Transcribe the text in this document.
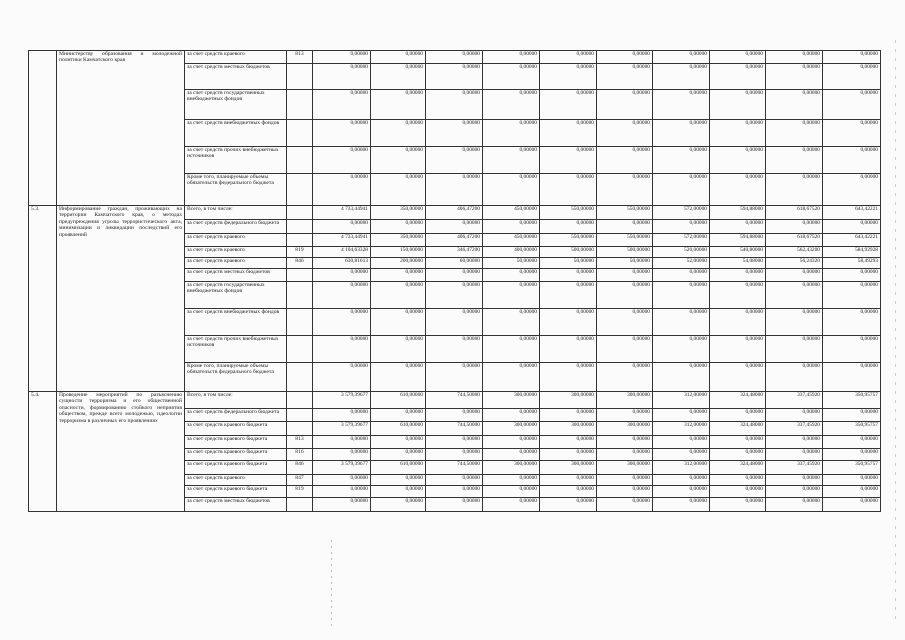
	Министерству образования и молодежной политики Камчатского края	за счет средств краевого	813	0,00000	0,00000	0,00000	0,00000	0,00000	0,00000	0,00000	0,00000	0,00000	0,00000
		за счет средств местных бюджетов		0,00000	0,00000	0,00000	0,00000	0,00000	0,00000	0,00000	0,00000	0,00000	0,00000
		за счет средств государственных внебюджетных фондов		0,00000	0,00000	0,00000	0,00000	0,00000	0,00000	0,00000	0,00000	0,00000	0,00000
		за счет средств внебюджетных фондов		0,00000	0,00000	0,00000	0,00000	0,00000	0,00000	0,00000	0,00000	0,00000	0,00000
		за счет средств прочих внебюджетных источников		0,00000	0,00000	0,00000	0,00000	0,00000	0,00000	0,00000	0,00000	0,00000	0,00000
		Кроме того, планируемые объемы обязательств федерального бюджета		0,00000	0,00000	0,00000	0,00000	0,00000	0,00000	0,00000	0,00000	0,00000	0,00000
5.3.	Информирование граждан, проживающих на территории Камчатского края, о методах предупреждения угрозы террористического акта, минимизации и ликвидации последствий его проявлений	Всего, в том числе:		4 733,44941	350,00000	406,47200	450,00000	550,00000	550,00000	572,00000	594,88000	618,67520	643,42221
		за счет средств федерального бюджета		0,00000	0,00000	0,00000	0,00000	0,00000	0,00000	0,00000	0,00000	0,00000	0,00000
		за счет средств краевого		4 733,44941	350,00000	406,47200	450,00000	550,00000	550,00000	572,00000	594,88000	618,67520	643,42221
		за счет средств краевого	819	4 104,63328	150,00000	346,47200	400,00000	500,00000	500,00000	520,00000	540,80000	562,43200	584,92928
		за счет средств краевого	846	630,81613	200,00000	60,00000	50,00000	50,00000	50,00000	52,00000	54,08000	56,24320	58,49293
		за счет средств местных бюджетов		0,00000	0,00000	0,00000	0,00000	0,00000	0,00000	0,00000	0,00000	0,00000	0,00000
		за счет средств государственных внебюджетных фондов		0,00000	0,00000	0,00000	0,00000	0,00000	0,00000	0,00000	0,00000	0,00000	0,00000
		за счет средств внебюджетных фондов		0,00000	0,00000	0,00000	0,00000	0,00000	0,00000	0,00000	0,00000	0,00000	0,00000
		за счет средств прочих внебюджетных источников		0,00000	0,00000	0,00000	0,00000	0,00000	0,00000	0,00000	0,00000	0,00000	0,00000
		Кроме того, планируемые объемы обязательств федерального бюджета		0,00000	0,00000	0,00000	0,00000	0,00000	0,00000	0,00000	0,00000	0,00000	0,00000
5.4.	Проведение мероприятий по разъяснению сущности терроризма и его общественной опасности, формированию стойкого неприятия обществом, прежде всего молодежью, идеологии терроризма в различных его проявлениях	Всего, в том числе:		3 579,39677	610,00000	744,50000	300,00000	300,00000	300,00000	312,00000	324,48000	337,45920	350,95757
		за счет средств федерального бюджета		0,00000	0,00000	0,00000	0,00000	0,00000	0,00000	0,00000	0,00000	0,00000	0,00000
		за счет средств краевого бюджета		3 579,39677	610,00000	744,50000	300,00000	300,00000	300,00000	312,00000	324,48000	337,45920	350,95757
		за счет средств краевого бюджета	813	0,00000	0,00000	0,00000	0,00000	0,00000	0,00000	0,00000	0,00000	0,00000	0,00000
		за счет средств краевого бюджета	816	0,00000	0,00000	0,00000	0,00000	0,00000	0,00000	0,00000	0,00000	0,00000	0,00000
		за счет средств краевого бюджета	846	3 579,39677	610,00000	744,50000	300,00000	300,00000	300,00000	312,00000	324,48000	337,45920	350,95757
		за счет средств краевого	847	0,00000	0,00000	0,00000	0,00000	0,00000	0,00000	0,00000	0,00000	0,00000	0,00000
		за счет средств краевого бюджета	819	0,00000	0,00000	0,00000	0,00000	0,00000	0,00000	0,00000	0,00000	0,00000	0,00000
		за счет средств местных бюджетов		0,00000	0,00000	0,00000	0,00000	0,00000	0,00000	0,00000	0,00000	0,00000	0,00000
